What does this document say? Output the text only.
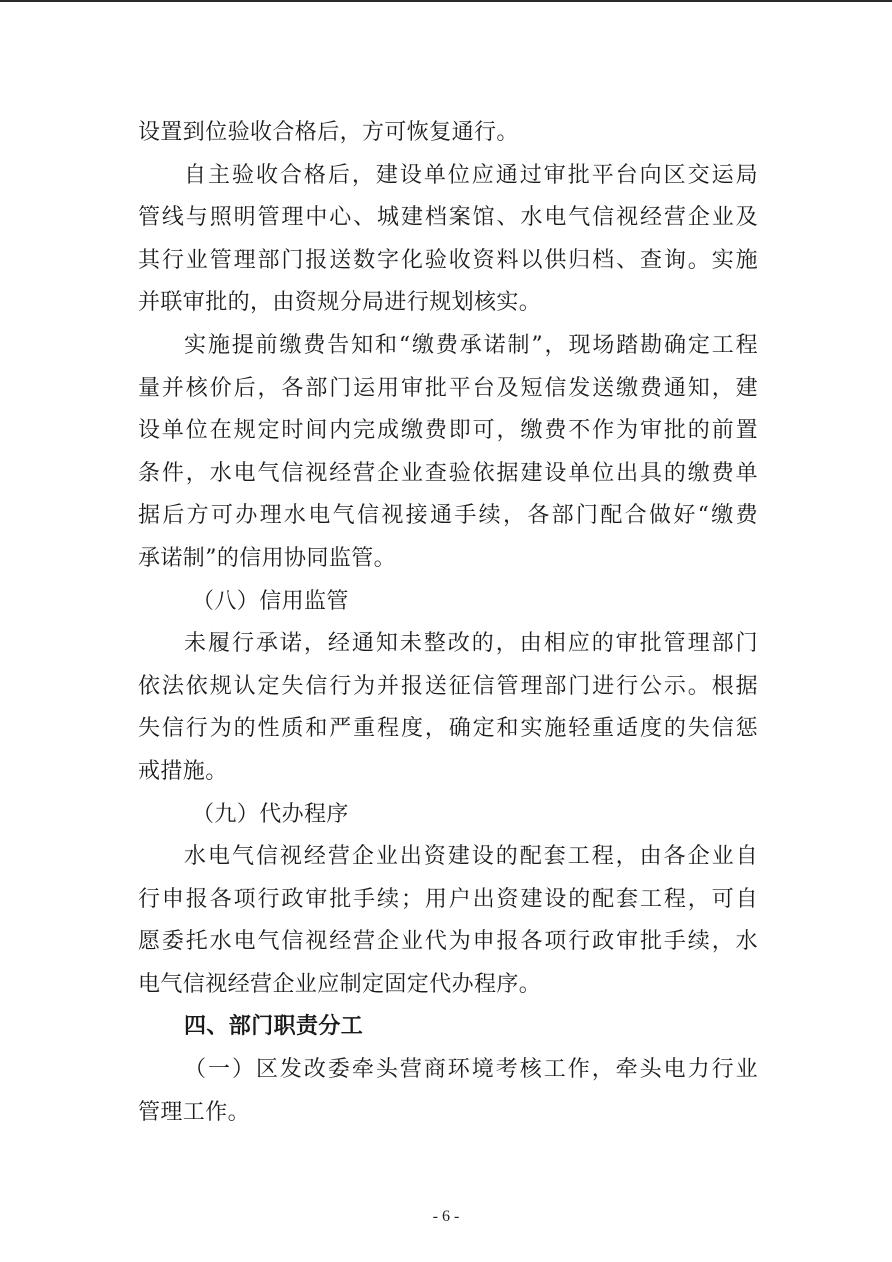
设置到位验收合格后，方可恢复通行。
自主验收合格后，建设单位应通过审批平台向区交运局
管线与照明管理中心、城建档案馆、水电气信视经营企业及
其行业管理部门报送数字化验收资料以供归档、查询。实施
并联审批的，由资规分局进行规划核实。
实施提前缴费告知和“缴费承诺制”，现场踏勘确定工程
量并核价后，各部门运用审批平台及短信发送缴费通知，建
设单位在规定时间内完成缴费即可，缴费不作为审批的前置
条件，水电气信视经营企业查验依据建设单位出具的缴费单
据后方可办理水电气信视接通手续，各部门配合做好“缴费
承诺制”的信用协同监管。
（八）信用监管
未履行承诺，经通知未整改的，由相应的审批管理部门
依法依规认定失信行为并报送征信管理部门进行公示。根据
失信行为的性质和严重程度，确定和实施轻重适度的失信惩
戒措施。
（九）代办程序
水电气信视经营企业出资建设的配套工程，由各企业自
行申报各项行政审批手续；用户出资建设的配套工程，可自
愿委托水电气信视经营企业代为申报各项行政审批手续，水
电气信视经营企业应制定固定代办程序。
四、部门职责分工
（一）区发改委牵头营商环境考核工作，牵头电力行业
管理工作。
- 6 -
